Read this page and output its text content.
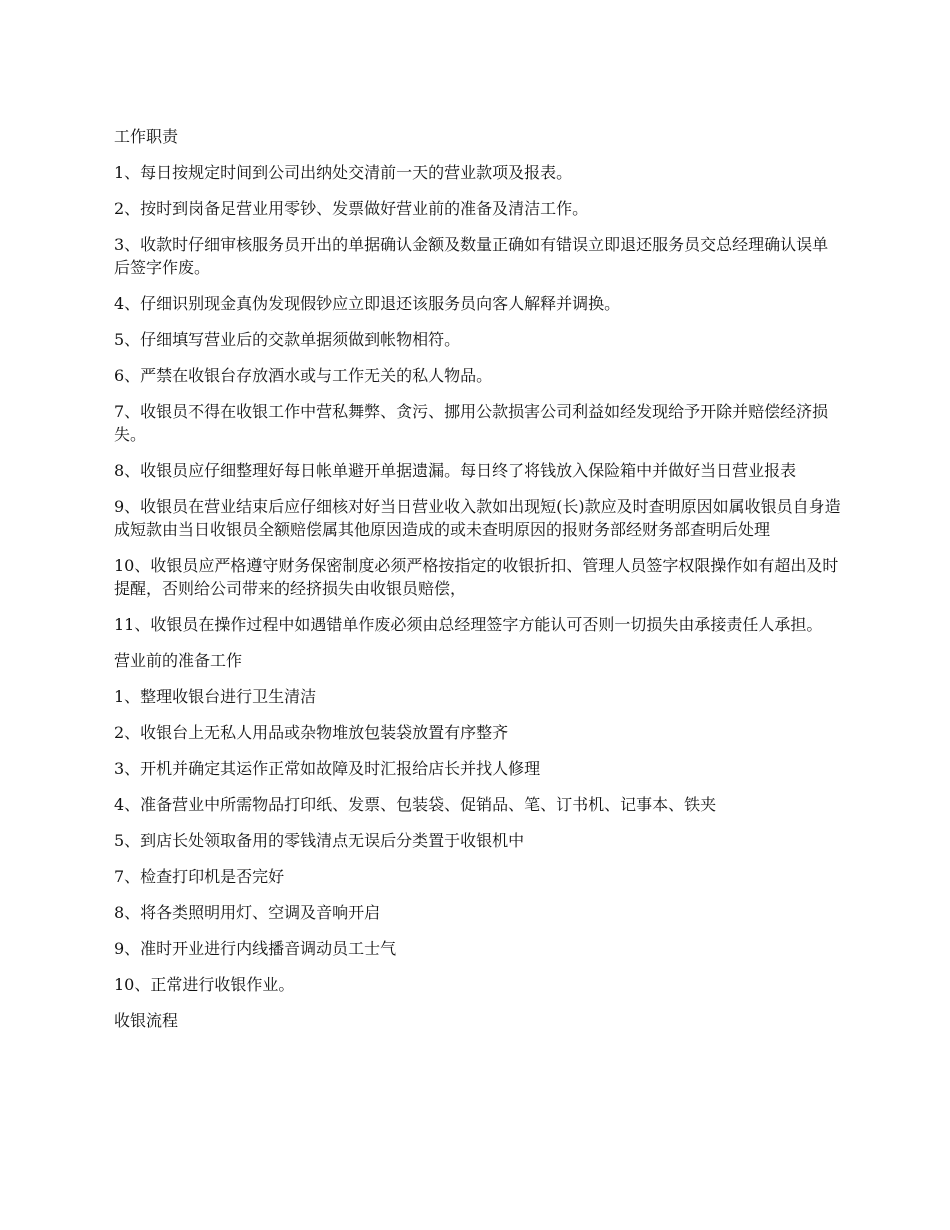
工作职责
1、每日按规定时间到公司出纳处交清前一天的营业款项及报表。
2、按时到岗备足营业用零钞、发票做好营业前的准备及清洁工作。
3、收款时仔细审核服务员开出的单据确认金额及数量正确如有错误立即退还服务员交总经理确认误单后签字作废。
4、仔细识别现金真伪发现假钞应立即退还该服务员向客人解释并调换。
5、仔细填写营业后的交款单据须做到帐物相符。
6、严禁在收银台存放酒水或与工作无关的私人物品。
7、收银员不得在收银工作中营私舞弊、贪污、挪用公款损害公司利益如经发现给予开除并赔偿经济损失。
8、收银员应仔细整理好每日帐单避开单据遗漏。每日终了将钱放入保险箱中并做好当日营业报表
9、收银员在营业结束后应仔细核对好当日营业收入款如出现短(长)款应及时查明原因如属收银员自身造成短款由当日收银员全额赔偿属其他原因造成的或未查明原因的报财务部经财务部查明后处理
10、收银员应严格遵守财务保密制度必须严格按指定的收银折扣、管理人员签字权限操作如有超出及时提醒，否则给公司带来的经挤损失由收银员赔偿，
11、收银员在操作过程中如遇错单作废必须由总经理签字方能认可否则一切损失由承接责任人承担。
营业前的准备工作
1、整理收银台进行卫生清洁
2、收银台上无私人用品或杂物堆放包装袋放置有序整齐
3、开机并确定其运作正常如故障及时汇报给店长并找人修理
4、准备营业中所需物品打印纸、发票、包装袋、促销品、笔、订书机、记事本、铁夹
5、到店长处领取备用的零钱清点无误后分类置于收银机中
7、检查打印机是否完好
8、将各类照明用灯、空调及音响开启
9、准时开业进行内线播音调动员工士气
10、正常进行收银作业。
收银流程
